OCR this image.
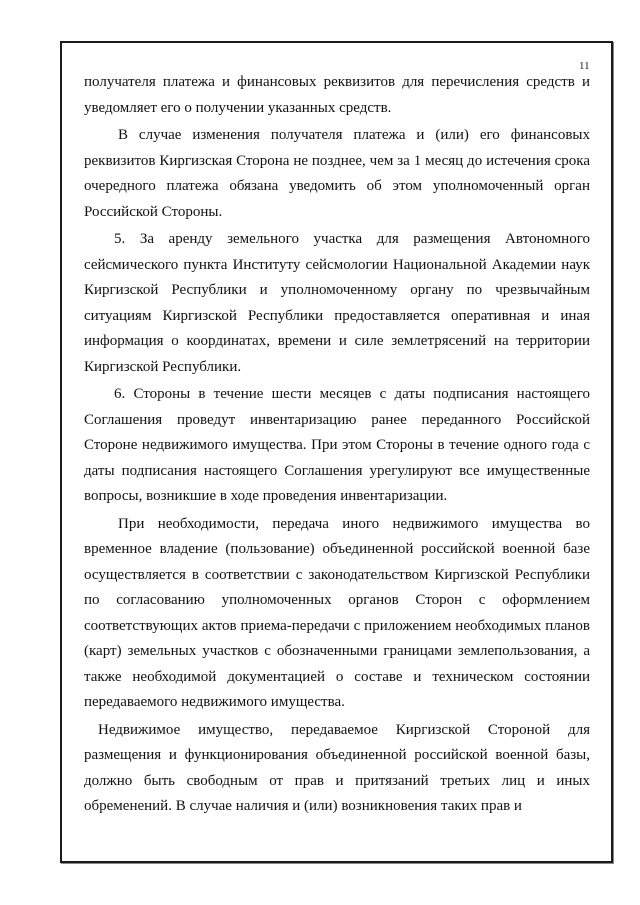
11

получателя платежа и финансовых реквизитов для перечисления средств и уведомляет его о получении указанных средств.

В случае изменения получателя платежа и (или) его финансовых реквизитов Киргизская Сторона не позднее, чем за 1 месяц до истечения срока очередного платежа обязана уведомить об этом уполномоченный орган Российской Стороны.

5. За аренду земельного участка для размещения Автономного сейсмического пункта Институту сейсмологии Национальной Академии наук Киргизской Республики и уполномоченному органу по чрезвычайным ситуациям Киргизской Республики предоставляется оперативная и иная информация о координатах, времени и силе землетрясений на территории Киргизской Республики.

6. Стороны в течение шести месяцев с даты подписания настоящего Соглашения проведут инвентаризацию ранее переданного Российской Стороне недвижимого имущества. При этом Стороны в течение одного года с даты подписания настоящего Соглашения урегулируют все имущественные вопросы, возникшие в ходе проведения инвентаризации.

При необходимости, передача иного недвижимого имущества во временное владение (пользование) объединенной российской военной базе осуществляется в соответствии с законодательством Киргизской Республики по согласованию уполномоченных органов Сторон с оформлением соответствующих актов приема-передачи с приложением необходимых планов (карт) земельных участков с обозначенными границами землепользования, а также необходимой документацией о составе и техническом состоянии передаваемого недвижимого имущества.

Недвижимое имущество, передаваемое Киргизской Стороной для размещения и функционирования объединенной российской военной базы, должно быть свободным от прав и притязаний третьих лиц и иных обременений. В случае наличия и (или) возникновения таких прав и
